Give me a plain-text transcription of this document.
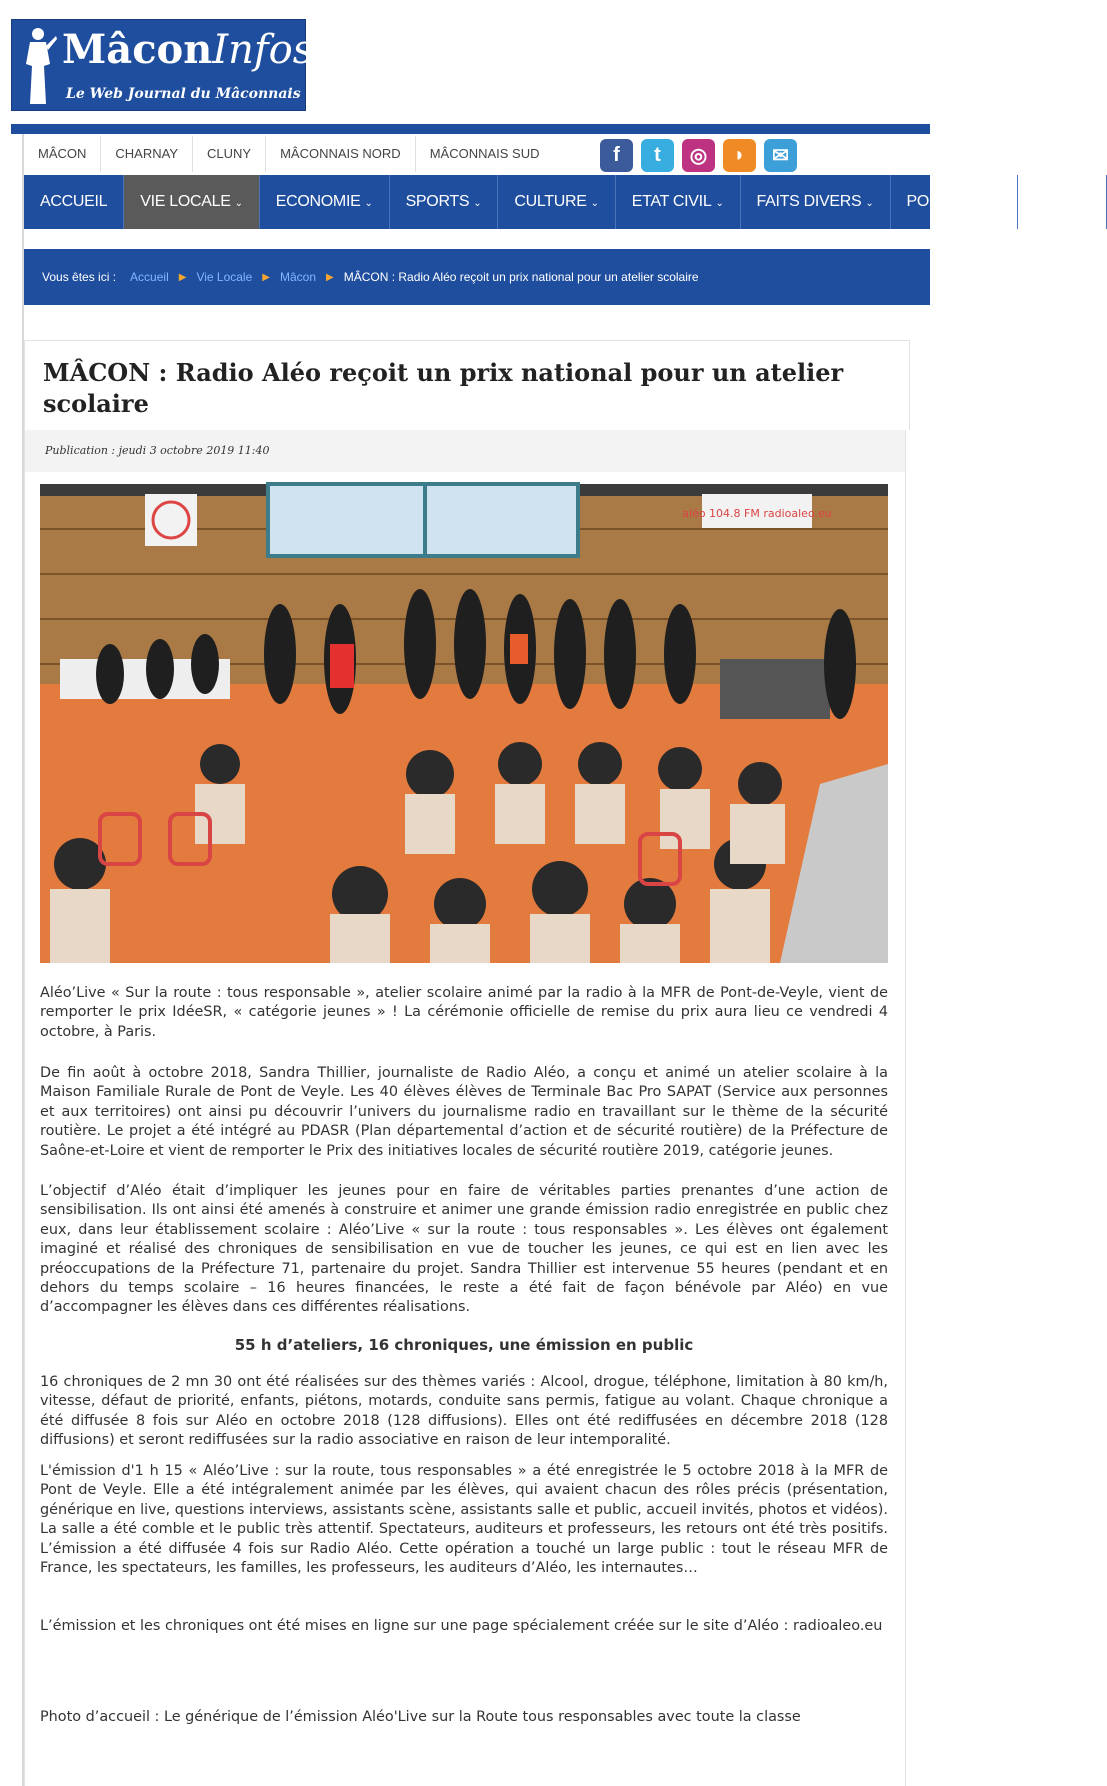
MâconInfos
Le Web Journal du Mâconnais
MÂCON	CHARNAY	CLUNY	MÂCONNAIS NORD	MÂCONNAIS SUD	f	t	◎	◗	✉
ACCUEIL	VIE LOCALE ⌄	ECONOMIE ⌄	SPORTS ⌄	CULTURE ⌄	ETAT CIVIL ⌄	FAITS DIVERS ⌄	POLITIQUE ⌄	UTILE ⌄
Vous êtes ici : Accueil ▶ Vie Locale ▶ Mâcon ▶ MÂCON : Radio Aléo reçoit un prix national pour un atelier scolaire
MÂCON : Radio Aléo reçoit un prix national pour un atelier scolaire
Publication : jeudi 3 octobre 2019 11:40
aléo 104.8 FM radioaleo.eu
Aléo’Live « Sur la route : tous responsable », atelier scolaire animé par la radio à la MFR de Pont-de-Veyle, vient de remporter le prix IdéeSR, « catégorie jeunes » ! La cérémonie officielle de remise du prix aura lieu ce vendredi 4 octobre, à Paris.
De fin août à octobre 2018, Sandra Thillier, journaliste de Radio Aléo, a conçu et animé un atelier scolaire à la Maison Familiale Rurale de Pont de Veyle. Les 40 élèves élèves de Terminale Bac Pro SAPAT (Service aux personnes et aux territoires) ont ainsi pu découvrir l’univers du journalisme radio en travaillant sur le thème de la sécurité routière. Le projet a été intégré au PDASR (Plan départemental d’action et de sécurité routière) de la Préfecture de Saône-et-Loire et vient de remporter le Prix des initiatives locales de sécurité routière 2019, catégorie jeunes.
L’objectif d’Aléo était d’impliquer les jeunes pour en faire de véritables parties prenantes d’une action de sensibilisation. Ils ont ainsi été amenés à construire et animer une grande émission radio enregistrée en public chez eux, dans leur établissement scolaire : Aléo’Live « sur la route : tous responsables ». Les élèves ont également imaginé et réalisé des chroniques de sensibilisation en vue de toucher les jeunes, ce qui est en lien avec les préoccupations de la Préfecture 71, partenaire du projet. Sandra Thillier est intervenue 55 heures (pendant et en dehors du temps scolaire – 16 heures financées, le reste a été fait de façon bénévole par Aléo) en vue d’accompagner les élèves dans ces différentes réalisations.
55 h d’ateliers, 16 chroniques, une émission en public
16 chroniques de 2 mn 30 ont été réalisées sur des thèmes variés : Alcool, drogue, téléphone, limitation à 80 km/h, vitesse, défaut de priorité, enfants, piétons, motards, conduite sans permis, fatigue au volant. Chaque chronique a été diffusée 8 fois sur Aléo en octobre 2018 (128 diffusions). Elles ont été rediffusées en décembre 2018 (128 diffusions) et seront rediffusées sur la radio associative en raison de leur intemporalité.
L'émission d'1 h 15 « Aléo’Live : sur la route, tous responsables » a été enregistrée le 5 octobre 2018 à la MFR de Pont de Veyle. Elle a été intégralement animée par les élèves, qui avaient chacun des rôles précis (présentation, générique en live, questions interviews, assistants scène, assistants salle et public, accueil invités, photos et vidéos). La salle a été comble et le public très attentif. Spectateurs, auditeurs et professeurs, les retours ont été très positifs. L’émission a été diffusée 4 fois sur Radio Aléo. Cette opération a touché un large public : tout le réseau MFR de France, les spectateurs, les familles, les professeurs, les auditeurs d’Aléo, les internautes…
L’émission et les chroniques ont été mises en ligne sur une page spécialement créée sur le site d’Aléo : radioaleo.eu
Photo d’accueil : Le générique de l’émission Aléo'Live sur la Route tous responsables avec toute la classe
